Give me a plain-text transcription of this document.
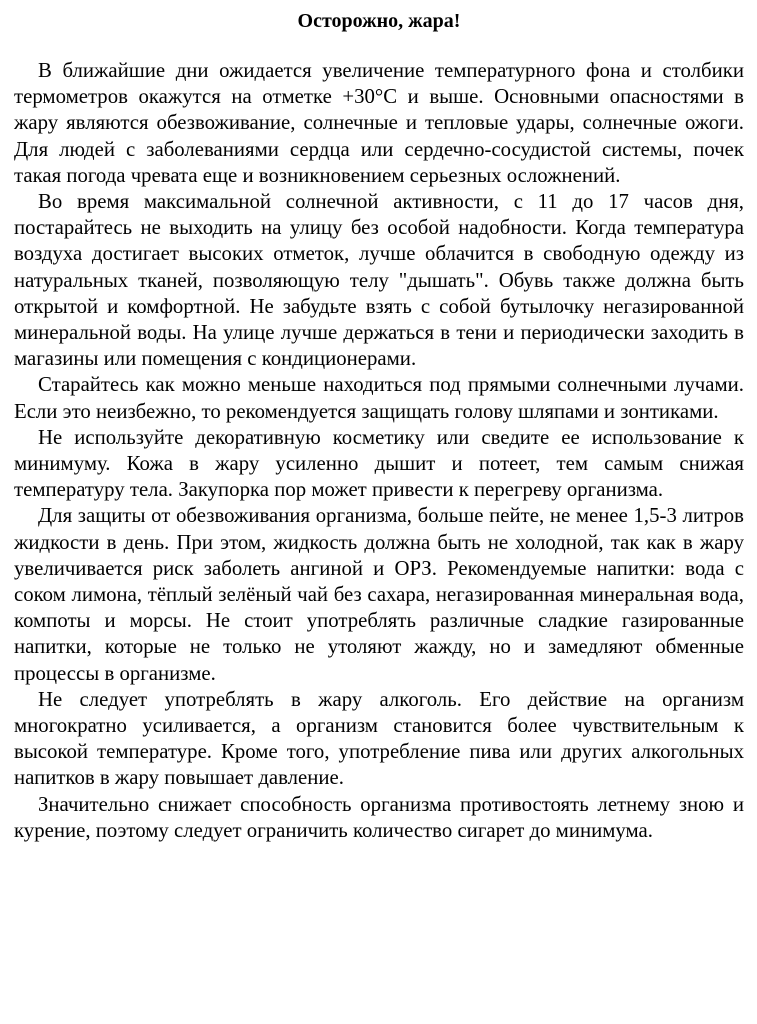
Осторожно, жара!

В ближайшие дни ожидается увеличение температурного фона и столбики термометров окажутся на отметке +30°С и выше. Основными опасностями в жару являются обезвоживание, солнечные и тепловые удары, солнечные ожоги. Для людей с заболеваниями сердца или сердечно-сосудистой системы, почек такая погода чревата еще и возникновением серьезных осложнений.

Во время максимальной солнечной активности, с 11 до 17 часов дня, постарайтесь не выходить на улицу без особой надобности. Когда температура воздуха достигает высоких отметок, лучше облачится в свободную одежду из натуральных тканей, позволяющую телу "дышать". Обувь также должна быть открытой и комфортной. Не забудьте взять с собой бутылочку негазированной минеральной воды. На улице лучше держаться в тени и периодически заходить в магазины или помещения с кондиционерами.

Старайтесь как можно меньше находиться под прямыми солнечными лучами. Если это неизбежно, то рекомендуется защищать голову шляпами и зонтиками.

Не используйте декоративную косметику или сведите ее использование к минимуму. Кожа в жару усиленно дышит и потеет, тем самым снижая температуру тела. Закупорка пор может привести к перегреву организма.

Для защиты от обезвоживания организма, больше пейте, не менее 1,5-3 литров жидкости в день. При этом, жидкость должна быть не холодной, так как в жару увеличивается риск заболеть ангиной и ОРЗ. Рекомендуемые напитки: вода с соком лимона, тёплый зелёный чай без сахара, негазированная минеральная вода, компоты и морсы. Не стоит употреблять различные сладкие газированные напитки, которые не только не утоляют жажду, но и замедляют обменные процессы в организме.

Не следует употреблять в жару алкоголь. Его действие на организм многократно усиливается, а организм становится более чувствительным к высокой температуре. Кроме того, употребление пива или других алкогольных напитков в жару повышает давление.

Значительно снижает способность организма противостоять летнему зною и курение, поэтому следует ограничить количество сигарет до минимума.
